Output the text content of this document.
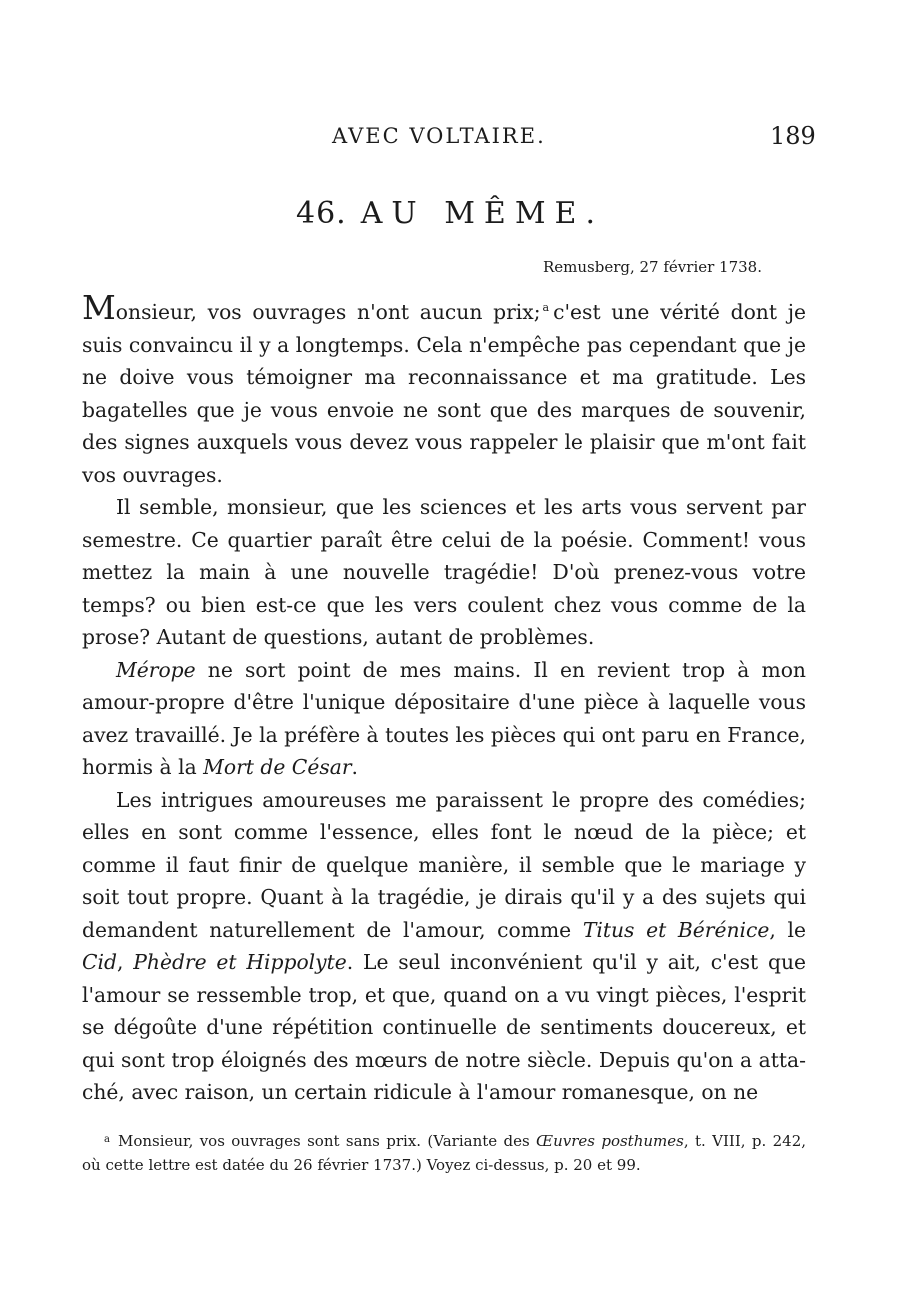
AVEC VOLTAIRE.	189
46. AU MÊME.
Remusberg, 27 février 1738.

Monsieur, vos ouvrages n'ont aucun prix; $^a$ c'est une vérité dont je suis convaincu il y a longtemps. Cela n'empêche pas cependant que je ne doive vous témoigner ma reconnaissance et ma gratitude. Les bagatelles que je vous envoie ne sont que des marques de souvenir, des signes auxquels vous devez vous rappeler le plaisir que m'ont fait vos ouvrages.

Il semble, monsieur, que les sciences et les arts vous servent par semestre. Ce quartier paraît être celui de la poésie. Comment! vous mettez la main à une nouvelle tragédie! D'où prenez-vous votre temps? ou bien est-ce que les vers coulent chez vous comme de la prose? Autant de questions, autant de problèmes.

Mérope ne sort point de mes mains. Il en revient trop à mon amour-propre d'être l'unique dépositaire d'une pièce à laquelle vous avez travaillé. Je la préfère à toutes les pièces qui ont paru en France, hormis à la Mort de César.

Les intrigues amoureuses me paraissent le propre des comédies; elles en sont comme l'essence, elles font le nœud de la pièce; et comme il faut finir de quelque manière, il semble que le mariage y soit tout propre. Quant à la tragédie, je dirais qu'il y a des sujets qui demandent naturellement de l'amour, comme Titus et Bérénice, le Cid, Phèdre et Hippolyte. Le seul inconvénient qu'il y ait, c'est que l'amour se ressemble trop, et que, quand on a vu vingt pièces, l'esprit se dégoûte d'une répétition continuelle de sentiments doucereux, et qui sont trop éloignés des mœurs de notre siècle. Depuis qu'on a attaché, avec raison, un certain ridicule à l'amour romanesque, on ne

$^a$ Monsieur, vos ouvrages sont sans prix. (Variante des Œuvres posthumes, t. VIII, p. 242, où cette lettre est datée du 26 février 1737.) Voyez ci-dessus, p. 20 et 99.
